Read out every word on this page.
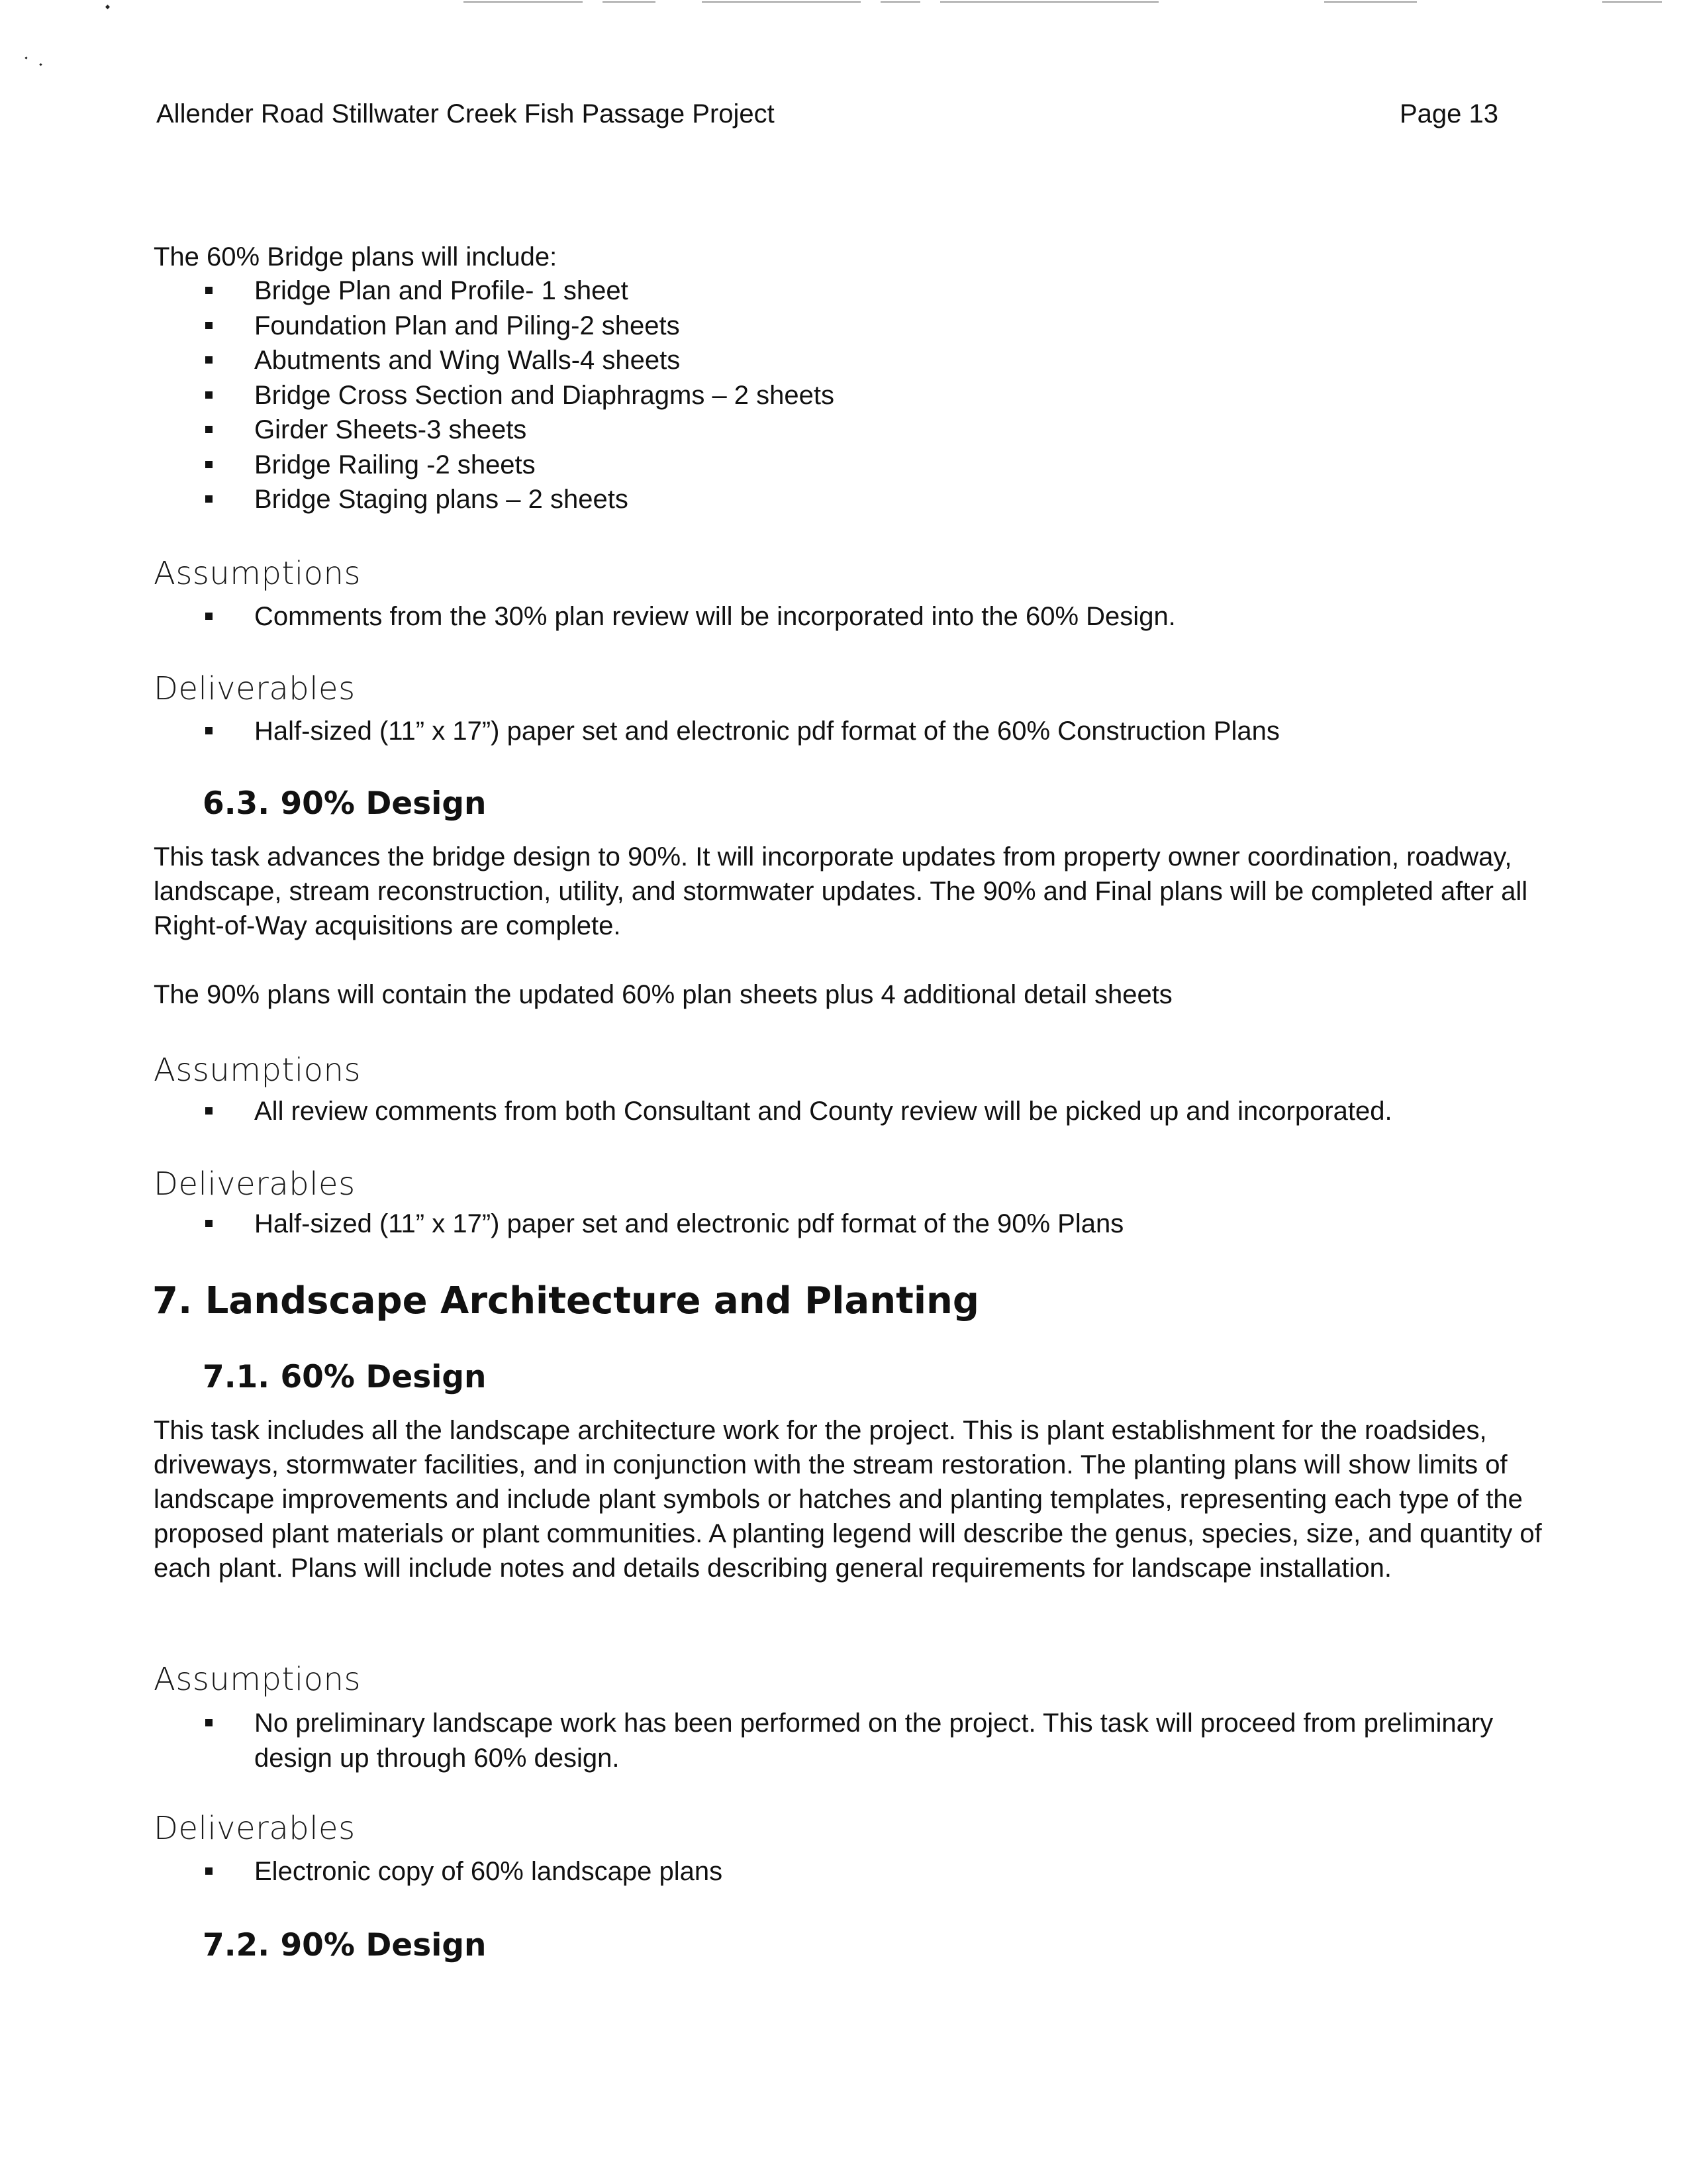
Allender Road Stillwater Creek Fish Passage Project	Page 13

The 60% Bridge plans will include:

Bridge Plan and Profile- 1 sheet
Foundation Plan and Piling-2 sheets
Abutments and Wing Walls-4 sheets
Bridge Cross Section and Diaphragms – 2 sheets
Girder Sheets-3 sheets
Bridge Railing -2 sheets
Bridge Staging plans – 2 sheets
Assumptions
Comments from the 30% plan review will be incorporated into the 60% Design.
Deliverables
Half-sized (11” x 17”) paper set and electronic pdf format of the 60% Construction Plans
6.3. 90% Design

This task advances the bridge design to 90%. It will incorporate updates from property owner coordination, roadway, landscape, stream reconstruction, utility, and stormwater updates. The 90% and Final plans will be completed after all Right-of-Way acquisitions are complete.

The 90% plans will contain the updated 60% plan sheets plus 4 additional detail sheets

Assumptions
All review comments from both Consultant and County review will be picked up and incorporated.
Deliverables
Half-sized (11” x 17”) paper set and electronic pdf format of the 90% Plans
7. Landscape Architecture and Planting
7.1. 60% Design

This task includes all the landscape architecture work for the project. This is plant establishment for the roadsides, driveways, stormwater facilities, and in conjunction with the stream restoration. The planting plans will show limits of landscape improvements and include plant symbols or hatches and planting templates, representing each type of the proposed plant materials or plant communities. A planting legend will describe the genus, species, size, and quantity of each plant. Plans will include notes and details describing general requirements for landscape installation.

Assumptions
No preliminary landscape work has been performed on the project. This task will proceed from preliminary design up through 60% design.
Deliverables
Electronic copy of 60% landscape plans
7.2. 90% Design
